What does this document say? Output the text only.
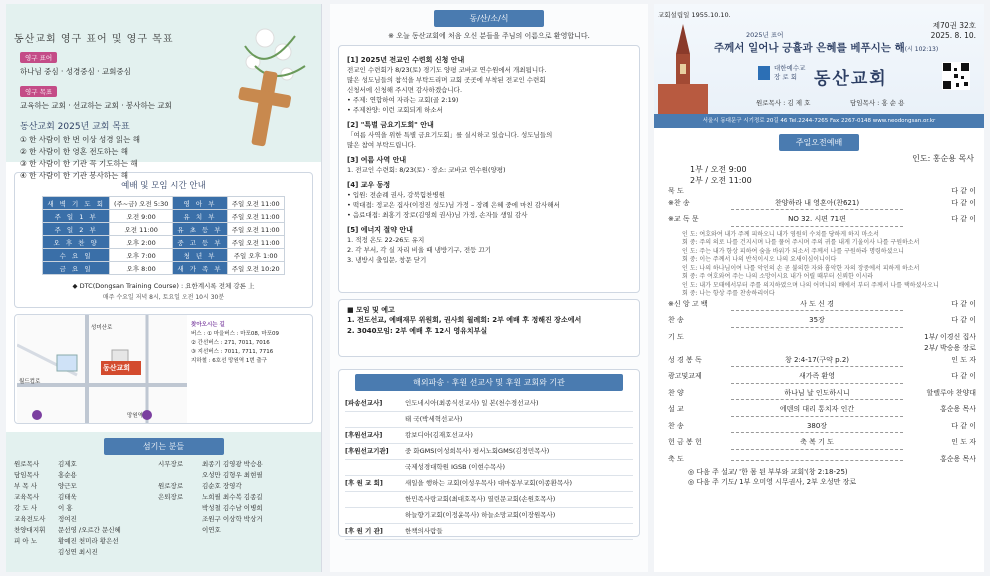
동산교회 영구 표어 및 영구 목표
영구 표어
하나님 중심 · 성경중심 · 교회중심
영구 목표
교육하는 교회 · 선교하는 교회 · 봉사하는 교회
동산교회 2025년 교회 목표
① 한 사람이 한 번 이상 성경 읽는 해
② 한 사람이 한 영혼 전도하는 해
③ 한 사람이 한 기관 꼭 기도하는 해
④ 한 사람이 한 기관 봉사하는 해
예배 및 모임 시간 안내
새 벽 기 도 회	(주~금) 오전 5:30	영 아 부	주일 오전 11:00
주 일 1 부	오전 9:00	유 치 부	주일 오전 11:00
주 일 2 부	오전 11:00	유 초 등 부	주일 오전 11:00
오 후 찬 양	오후 2:00	중 고 등 부	주일 오전 11:00
수 요 일	오후 7:00	청 년 부	주일 오후 1:00
금 요 일	오후 8:00	새 가 족 부	주일 오전 10:20
◆ DTC(Dongsan Training Course) : 요한계시록 전체 강론 上
매주 수요일 저녁 8시, 토요일 오전 10시 30분
동산교회
망원역
월드컵로
성미산로	찾아오시는 길
버스 : ① 마을버스 : 마포08, 마포09
② 간선버스 : 271, 7011, 7016
③ 지선버스 : 7011, 7711, 7716
지하철 : 6호선 망원역 1번 출구
섬기는 분들
원로목사	김제호	시무장로	최종기 김영광 박승용
담임목사	홍순용	오성만 김형우 최현필
부 목 사	양근모	원로장로	김순호 장영각
교육목사	김태욱	은퇴장로	노희필 최수복 김종길
강 도 사	이 홍	박성철 김수남 이병희
교육전도사	정여진	조원구 이상학 박상거
찬양대지휘	문선영 /오르간 문신혜	이연호
피 아 노	황예진 천미라 황은선
김성연 최시진
동/산/소/식
※ 오늘 동산교회에 처음 오신 분들을 주님의 이름으로 환영합니다.
[1] 2025년 전교인 수련회 신청 안내
전교인 수련회가 8/23(토) 경기도 양평 코바코 연수원에서 개최됩니다.
많은 성도님들의 참석을 부탁드리며 교회 곳곳에 부착된 전교인 수련회
신청서에 신청해 주시면 감사하겠습니다.
• 주제: 연합하여 자라는 교회(골 2:19)
• 주제찬양: 이런 교회되게 하소서
[2] "특별 금요기도회" 안내
「여름 사역을 위한 특별 금요기도회」를 실시하고 있습니다. 성도님들의
많은 참여 부탁드립니다.
[3] 여름 사역 안내
1. 전교인 수련회: 8/23(토) · 장소: 코바코 연수원(양평)
[4] 교우 동정
• 입원: 전순례 권사, 강북힘찬병원
• 떡대접: 정교은 집사(이정진 성도)님 가정 – 장례 은혜 중에 마친 감사해서
• 음료대접: 최홍기 장로(김영희 권사)님 가정, 손자들 생일 감사
[5] 에너지 절약 안내
1. 적정 온도 22-26도 유지
2. 각 부서, 각 실 자리 비울 때 냉방기구, 전등 끄기
3. 냉방시 출입문, 창문 닫기
■ 모임 및 예고
1. 전도선교, 예배재무 위원회, 권사회 월례회: 2부 예배 후 정해진 장소에서
2. 3040모임: 2부 예배 후 12시 영유치부실
해외파송 · 후원 선교사 및 후원 교회와 기관
[파송선교사]	인도네시아(최종식선교사) 일 본(천수경선교사)
태 국(박세혁선교사)
[후원선교사]	캄보디아(김재호선교사)
[후원선교기관]	중 화GMS(이성희목사) 평서노회GMS(김정민목사)
국제성경대학원 IGSB (이현수목사)
[후 원 교 회]	새일을 행하는 교회(이성우목사) 대마동부교회(이종환목사)
한민족사랑교회(최대호목사) 열린문교회(손원호목사)
하늘향기교회(이정윤목사) 하늘소망교회(이장원목사)
[후 원 기 관]	한책의사람들
교회설립일 1955.10.10.
제70권 32호
2025. 8. 10.
2025년 표어
주께서 일어나 긍휼과 은혜를 베푸시는 해(시 102:13)
대한예수교
장 로 회	동산교회
원로목사 : 김 제 호	담임목사 : 홍 순 용
서울시 동대문구 시기정로 20길 46 Tel.2244-7265 Fax 2267-0148 www.neodongsan.or.kr
주일오전예배
인도: 홍순용 목사
1부 / 오전 9:00
2부 / 오전 11:00
묵 도	다 같 이
※찬 송	찬양하라 내 영혼아(찬621)	다 같 이
※교 독 문	NO 32. 시편 71편	다 같 이
인 도: 여호와여 내가 주께 피하오니 내가 영원히 수치를 당하게 하지 마소서
회 중: 주의 의로 나를 건지시며 나를 풀어 주시며 주의 귀를 내게 기울이사 나를 구원하소서
인 도: 주는 내가 항상 피하여 숨을 바위가 되소서 주께서 나를 구원하라 명령하셨으니
회 중: 이는 주께서 나의 반석이시오 나의 요새이심이니이다
인 도: 나의 하나님이여 나를 악인의 손 곧 불의한 자와 흉악한 자의 장중에서 피하게 하소서
회 중: 주 여호와여 주는 나의 소망이시요 내가 어릴 때부터 신뢰한 이시라
인 도: 내가 모태에서부터 주를 의지하였으며 나의 어머니의 배에서 부터 주께서 나를 택하셨사오니
회 중: 나는 항상 주를 찬송하리이다
※신 앙 고 백	사 도 신 경	다 같 이
찬 송	35장	다 같 이
기 도	1부/ 이경신 집사
2부/ 박승용 장로
성 경 봉 독	창 2:4-17(구약 p.2)	인 도 자
광고및교제	새가족 환영	다 같 이
찬 양	하나님 날 인도하시니	할렐루야 찬양대
설 교	에덴의 대리 통치자 인간	홍순용 목사
찬 송	380장	다 같 이
헌 금 봉 헌	축 복 기 도	인 도 자
축 도	홍순용 목사
◎ 다음 주 설교/ '한 몸 된 부부와 교회'(창 2:18-25)
◎ 다음 주 기도/ 1부 오미영 시무권사, 2부 오성만 장로
